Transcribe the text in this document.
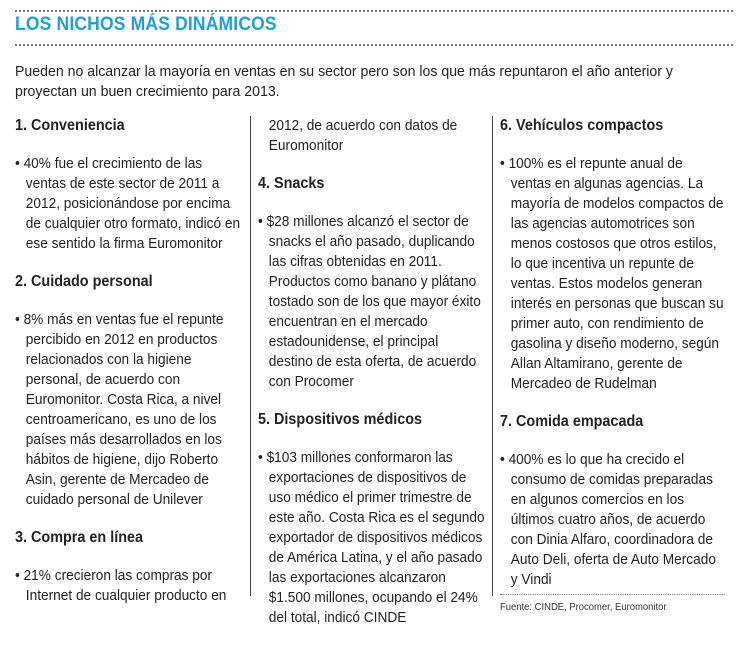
LOS NICHOS MÁS DINÁMICOS
Pueden no alcanzar la mayoría en ventas en su sector pero son los que más repuntaron el año anterior y proyectan un buen crecimiento para 2013.
1. Conveniencia
• 40% fue el crecimiento de las ventas de este sector de 2011 a 2012, posicionándose por encima de cualquier otro formato, indicó en ese sentido la firma Euromonitor
2. Cuidado personal
• 8% más en ventas fue el repunte percibido en 2012 en productos relacionados con la higiene personal, de acuerdo con Euromonitor. Costa Rica, a nivel centroamericano, es uno de los países más desarrollados en los hábitos de higiene, dijo Roberto Asin, gerente de Mercadeo de cuidado personal de Unilever
3. Compra en línea
• 21% crecieron las compras por Internet de cualquier producto en
2012, de acuerdo con datos de Euromonitor
4. Snacks
• $28 millones alcanzó el sector de snacks el año pasado, duplicando las cifras obtenidas en 2011. Productos como banano y plátano tostado son de los que mayor éxito encuentran en el mercado estadounidense, el principal destino de esta oferta, de acuerdo con Procomer
5. Dispositivos médicos
• $103 millones conformaron las exportaciones de dispositivos de uso médico el primer trimestre de este año. Costa Rica es el segundo exportador de dispositivos médicos de América Latina, y el año pasado las exportaciones alcanzaron $1.500 millones, ocupando el 24% del total, indicó CINDE
6. Vehículos compactos
• 100% es el repunte anual de ventas en algunas agencias. La mayoría de modelos compactos de las agencias automotrices son menos costosos que otros estilos, lo que incentiva un repunte de ventas. Estos modelos generan interés en personas que buscan su primer auto, con rendimiento de gasolina y diseño moderno, según Allan Altamirano, gerente de Mercadeo de Rudelman
7. Comida empacada
• 400% es lo que ha crecido el consumo de comidas preparadas en algunos comercios en los últimos cuatro años, de acuerdo con Dinia Alfaro, coordinadora de Auto Deli, oferta de Auto Mercado y Vindi
Fuente: CINDE, Procomer, Euromonitor
